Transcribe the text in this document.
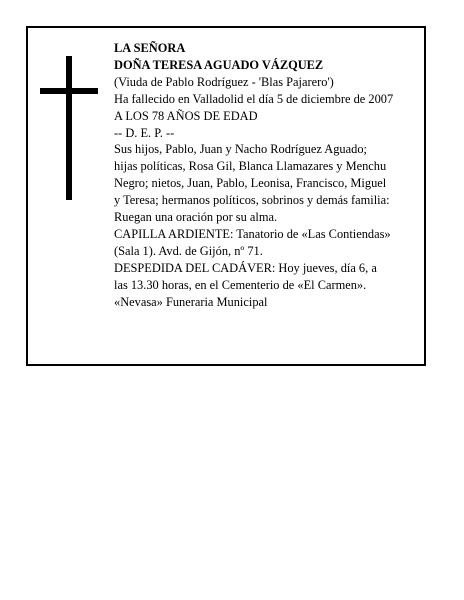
LA SEÑORA
DOÑA TERESA AGUADO VÁZQUEZ
(Viuda de Pablo Rodríguez - 'Blas Pajarero')
Ha fallecido en Valladolid el día 5 de diciembre de 2007
A LOS 78 AÑOS DE EDAD
-- D. E. P. --
Sus hijos, Pablo, Juan y Nacho Rodríguez Aguado;
hijas políticas, Rosa Gil, Blanca Llamazares y Menchu
Negro; nietos, Juan, Pablo, Leonisa, Francisco, Miguel
y Teresa; hermanos políticos, sobrinos y demás familia:
Ruegan una oración por su alma.
CAPILLA ARDIENTE: Tanatorio de «Las Contiendas»
(Sala 1). Avd. de Gijón, nº 71.
DESPEDIDA DEL CADÁVER: Hoy jueves, día 6, a
las 13.30 horas, en el Cementerio de «El Carmen».
«Nevasa» Funeraria Municipal
